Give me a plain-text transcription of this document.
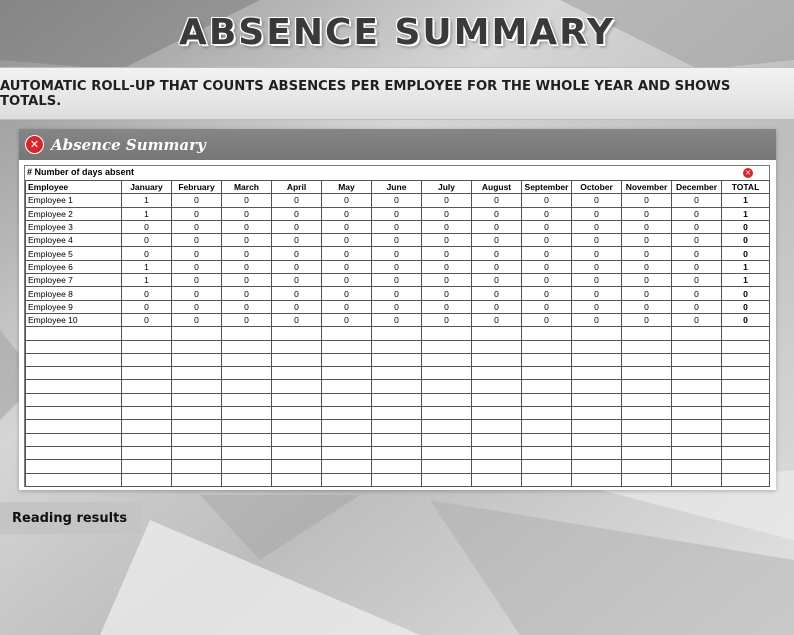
ABSENCE SUMMARY
AUTOMATIC ROLL-UP THAT COUNTS ABSENCES PER EMPLOYEE FOR THE WHOLE YEAR AND SHOWS TOTALS.
✕ Absence Summary
# Number of days absent	✕
Employee	January	February	March	April	May	June	July	August	September	October	November	December	TOTAL
Employee 1	1	0	0	0	0	0	0	0	0	0	0	0	1
Employee 2	1	0	0	0	0	0	0	0	0	0	0	0	1
Employee 3	0	0	0	0	0	0	0	0	0	0	0	0	0
Employee 4	0	0	0	0	0	0	0	0	0	0	0	0	0
Employee 5	0	0	0	0	0	0	0	0	0	0	0	0	0
Employee 6	1	0	0	0	0	0	0	0	0	0	0	0	1
Employee 7	1	0	0	0	0	0	0	0	0	0	0	0	1
Employee 8	0	0	0	0	0	0	0	0	0	0	0	0	0
Employee 9	0	0	0	0	0	0	0	0	0	0	0	0	0
Employee 10	0	0	0	0	0	0	0	0	0	0	0	0	0

Reading results
